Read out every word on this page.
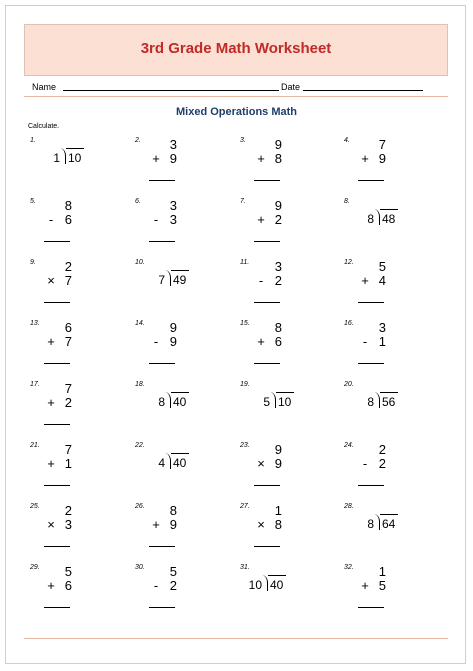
3rd Grade Math Worksheet
Name	Date
Mixed Operations Math
Calculate.
1.
1 10
2.	3
+ 9
3.	9
+ 8
4.	7
+ 9
5.	8
- 6
6.	3
- 3
7.	9
+ 2
8.
8 48
9.	2
× 7
10.
7 49
11.	3
- 2
12.	5
+ 4
13.	6
+ 7
14.	9
- 9
15.	8
+ 6
16.	3
- 1
17.	7
+ 2
18.
8 40
19.
5 10
20.
8 56
21.	7
+ 1
22.
4 40
23.	9
× 9
24.	2
- 2
25.	2
× 3
26.	8
+ 9
27.	1
× 8
28.
8 64
29.	5
+ 6
30.	5
- 2
31.
10 40
32.	1
+ 5
